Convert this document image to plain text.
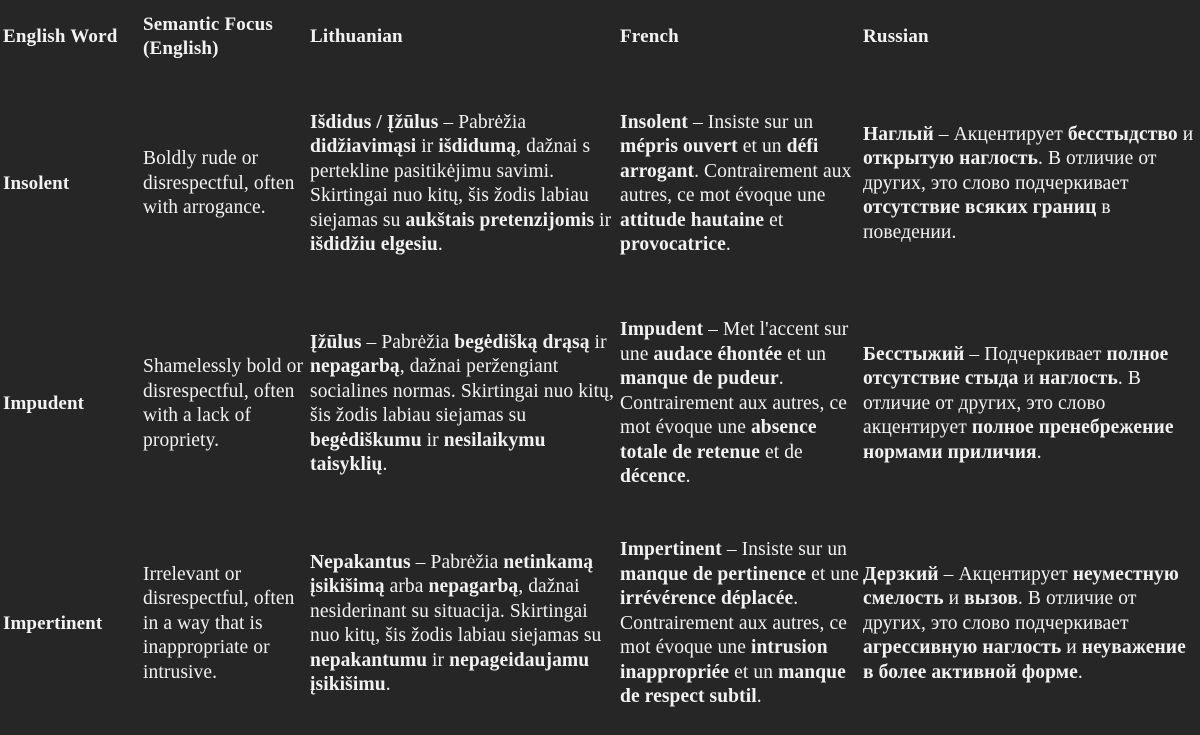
English Word	Semantic Focus (English)	Lithuanian	French	Russian
Insolent	Boldly rude or disrespectful, often with arrogance.	Išdidus / Įžūlus – Pabrėžia didžiavimąsi ir išdidumą, dažnai s pertekline pasitikėjimu savimi. Skirtingai nuo kitų, šis žodis labiau siejamas su aukštais pretenzijomis ir išdidžiu elgesiu.	Insolent – Insiste sur un mépris ouvert et un défi arrogant. Contrairement aux autres, ce mot évoque une attitude hautaine et provocatrice.	Наглый – Акцентирует бесстыдство и открытую наглость. В отличие от других, это слово подчеркивает отсутствие всяких границ в поведении.
Impudent	Shamelessly bold or disrespectful, often with a lack of propriety.	Įžūlus – Pabrėžia begėdišką drąsą ir nepagarbą, dažnai peržengiant socialines normas. Skirtingai nuo kitų, šis žodis labiau siejamas su begėdiškumu ir nesilaikymu taisyklių.	Impudent – Met l'accent sur une audace éhontée et un manque de pudeur. Contrairement aux autres, ce mot évoque une absence totale de retenue et de décence.	Бесстыжий – Подчеркивает полное отсутствие стыда и наглость. В отличие от других, это слово акцентирует полное пренебрежение нормами приличия.
Impertinent	Irrelevant or disrespectful, often in a way that is inappropriate or intrusive.	Nepakantus – Pabrėžia netinkamą įsikišimą arba nepagarbą, dažnai nesiderinant su situacija. Skirtingai nuo kitų, šis žodis labiau siejamas su nepakantumu ir nepageidaujamu įsikišimu.	Impertinent – Insiste sur un manque de pertinence et une irrévérence déplacée. Contrairement aux autres, ce mot évoque une intrusion inappropriée et un manque de respect subtil.	Дерзкий – Акцентирует неуместную смелость и вызов. В отличие от других, это слово подчеркивает агрессивную наглость и неуважение в более активной форме.
